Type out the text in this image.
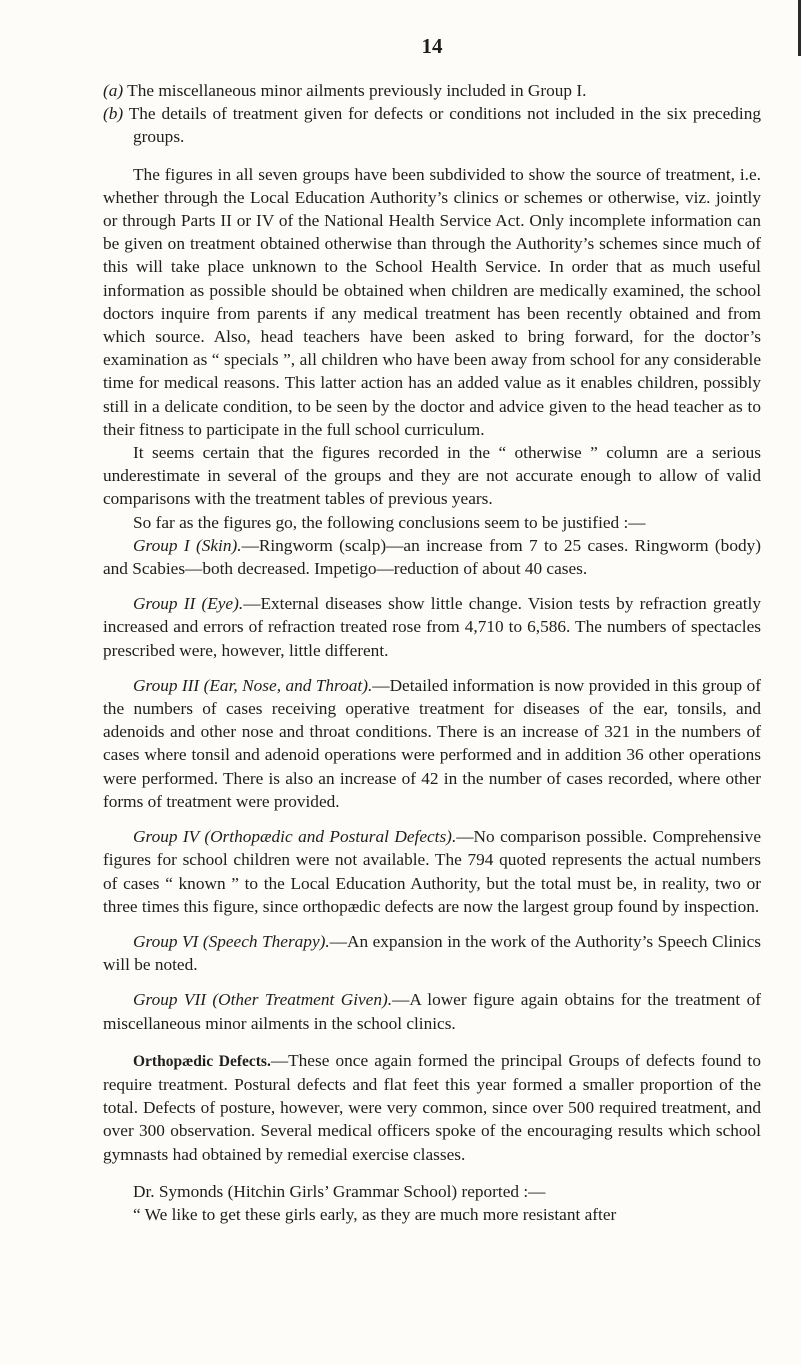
14

(a) The miscellaneous minor ailments previously included in Group I.

(b) The details of treatment given for defects or conditions not included in the six preceding groups.

The figures in all seven groups have been subdivided to show the source of treatment, i.e. whether through the Local Education Authority’s clinics or schemes or otherwise, viz. jointly or through Parts II or IV of the National Health Service Act. Only incomplete information can be given on treatment obtained otherwise than through the Authority’s schemes since much of this will take place unknown to the School Health Service. In order that as much useful information as possible should be obtained when children are medically examined, the school doctors inquire from parents if any medical treatment has been recently obtained and from which source. Also, head teachers have been asked to bring forward, for the doctor’s examination as “ specials ”, all children who have been away from school for any considerable time for medical reasons. This latter action has an added value as it enables children, possibly still in a delicate condition, to be seen by the doctor and advice given to the head teacher as to their fitness to participate in the full school curriculum.

It seems certain that the figures recorded in the “ otherwise ” column are a serious underestimate in several of the groups and they are not accurate enough to allow of valid comparisons with the treatment tables of previous years.

So far as the figures go, the following conclusions seem to be justified :—

Group I (Skin).—Ringworm (scalp)—an increase from 7 to 25 cases. Ringworm (body) and Scabies—both decreased. Impetigo—reduction of about 40 cases.

Group II (Eye).—External diseases show little change. Vision tests by refraction greatly increased and errors of refraction treated rose from 4,710 to 6,586. The numbers of spectacles prescribed were, however, little different.

Group III (Ear, Nose, and Throat).—Detailed information is now provided in this group of the numbers of cases receiving operative treatment for diseases of the ear, tonsils, and adenoids and other nose and throat conditions. There is an increase of 321 in the numbers of cases where tonsil and adenoid operations were performed and in addition 36 other operations were performed. There is also an increase of 42 in the number of cases recorded, where other forms of treatment were provided.

Group IV (Orthopædic and Postural Defects).—No comparison possible. Comprehensive figures for school children were not available. The 794 quoted represents the actual numbers of cases “ known ” to the Local Education Authority, but the total must be, in reality, two or three times this figure, since orthopædic defects are now the largest group found by inspection.

Group VI (Speech Therapy).—An expansion in the work of the Authority’s Speech Clinics will be noted.

Group VII (Other Treatment Given).—A lower figure again obtains for the treatment of miscellaneous minor ailments in the school clinics.

Orthopædic Defects.—These once again formed the principal Groups of defects found to require treatment. Postural defects and flat feet this year formed a smaller proportion of the total. Defects of posture, however, were very common, since over 500 required treatment, and over 300 observation. Several medical officers spoke of the encouraging results which school gymnasts had obtained by remedial exercise classes.

Dr. Symonds (Hitchin Girls’ Grammar School) reported :—

“ We like to get these girls early, as they are much more resistant after
